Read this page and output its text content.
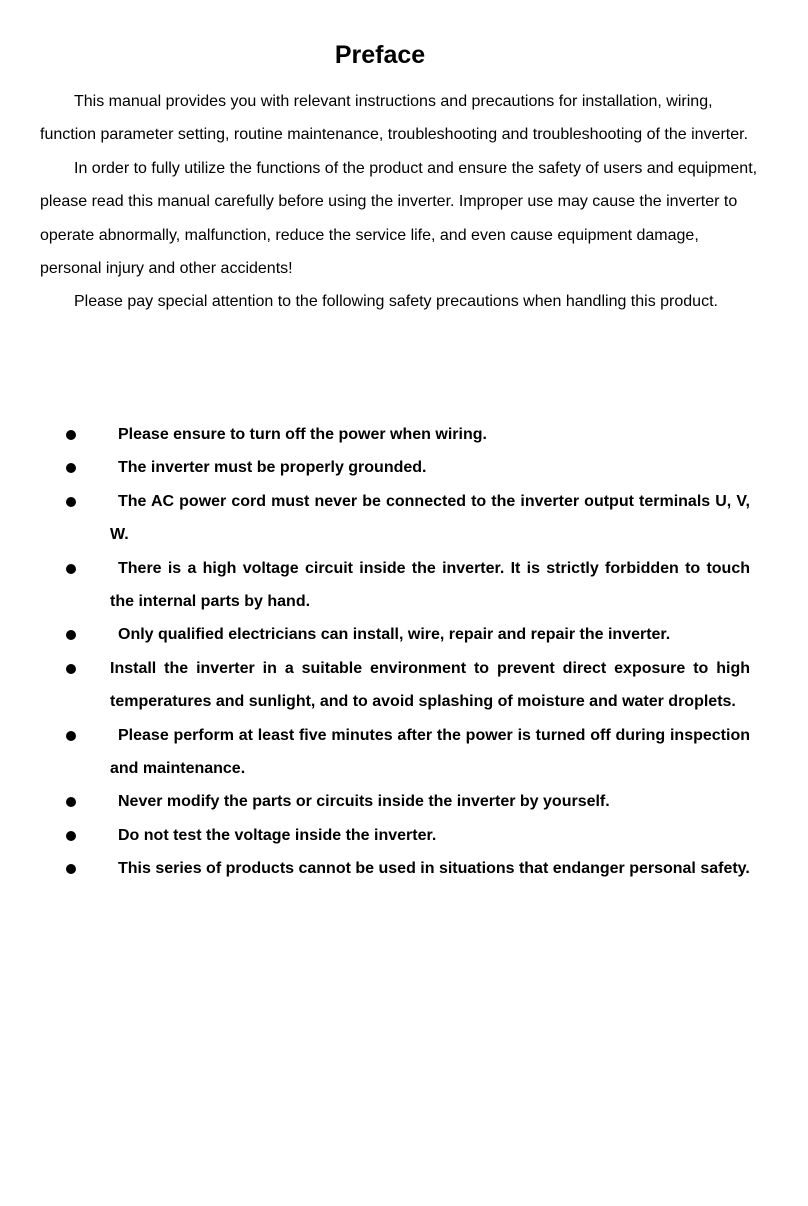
Preface

This manual provides you with relevant instructions and precautions for installation, wiring, function parameter setting, routine maintenance, troubleshooting and troubleshooting of the inverter.

In order to fully utilize the functions of the product and ensure the safety of users and equipment, please read this manual carefully before using the inverter. Improper use may cause the inverter to operate abnormally, malfunction, reduce the service life, and even cause equipment damage, personal injury and other accidents!

Please pay special attention to the following safety precautions when handling this product.

Please ensure to turn off the power when wiring.
The inverter must be properly grounded.
The AC power cord must never be connected to the inverter output terminals U, V, W.
There is a high voltage circuit inside the inverter. It is strictly forbidden to touch the internal parts by hand.
Only qualified electricians can install, wire, repair and repair the inverter.
Install the inverter in a suitable environment to prevent direct exposure to high temperatures and sunlight, and to avoid splashing of moisture and water droplets.
Please perform at least five minutes after the power is turned off during inspection and maintenance.
Never modify the parts or circuits inside the inverter by yourself.
Do not test the voltage inside the inverter.
This series of products cannot be used in situations that endanger personal safety.
